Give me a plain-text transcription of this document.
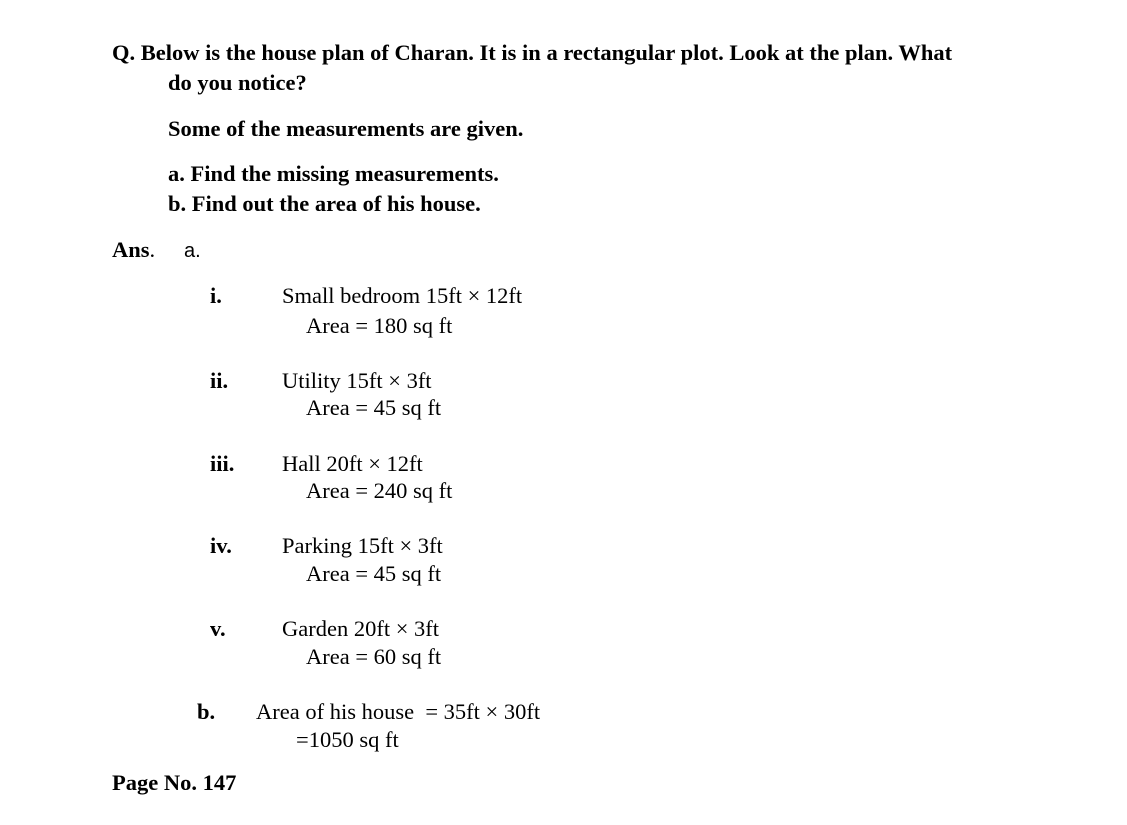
Q. Below is the house plan of Charan. It is in a rectangular plot. Look at the plan. What
do you notice?
Some of the measurements are given.
a. Find the missing measurements.
b. Find out the area of his house.
Ans. a.
i.	Small bedroom 15ft × 12ft
Area = 180 sq ft
ii. Utility 15ft × 3ft
Area = 45 sq ft
iii. Hall 20ft × 12ft
Area = 240 sq ft
iv. Parking 15ft × 3ft
Area = 45 sq ft
v.	Garden 20ft × 3ft
Area = 60 sq ft
b. Area of his house  = 35ft × 30ft
=1050 sq ft
Page No. 147
